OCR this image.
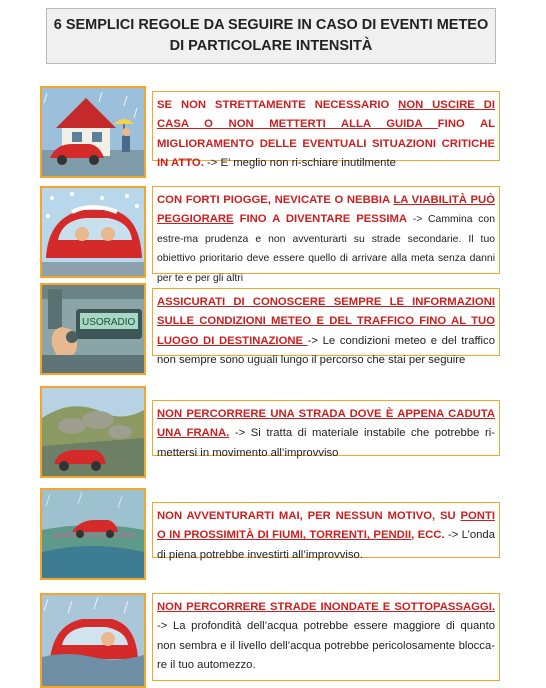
6 SEMPLICI REGOLE DA SEGUIRE IN CASO DI EVENTI METEO
DI PARTICOLARE INTENSITÀ
SE NON STRETTAMENTE NECESSARIO NON USCIRE DI CASA O NON METTERTI ALLA GUIDA FINO AL MIGLIORAMENTO DELLE EVENTUALI SITUAZIONI CRITICHE IN ATTO. -> E’ meglio non ri-schiare inutilmente
CON FORTI PIOGGE, NEVICATE O NEBBIA LA VIABILITÀ PUÒ PEGGIORARE FINO A DIVENTARE PESSIMA -> Cammina con estre-ma prudenza e non avventurarti su strade secondarie. Il tuo obiettivo prioritario deve essere quello di arrivare alla meta senza danni per te e per gli altri
USORADIO
ASSICURATI DI CONOSCERE SEMPRE LE INFORMAZIONI SULLE CONDIZIONI METEO E DEL TRAFFICO FINO AL TUO LUOGO DI DESTINAZIONE -> Le condizioni meteo e del traffico non sempre sono uguali lungo il percorso che stai per seguire
NON PERCORRERE UNA STRADA DOVE È APPENA CADUTA UNA FRANA. -> Si tratta di materiale instabile che potrebbe ri-mettersi in movimento all’improvviso
NON AVVENTURARTI MAI, PER NESSUN MOTIVO, SU PONTI O IN PROSSIMITÀ DI FIUMI, TORRENTI, PENDII, ECC. -> L’onda di piena potrebbe investirti all’improvviso.
NON PERCORRERE STRADE INONDATE E SOTTOPASSAGGI. -> La profondità dell’acqua potrebbe essere maggiore di quanto non sembra e il livello dell’acqua potrebbe pericolosamente blocca-re il tuo automezzo.
